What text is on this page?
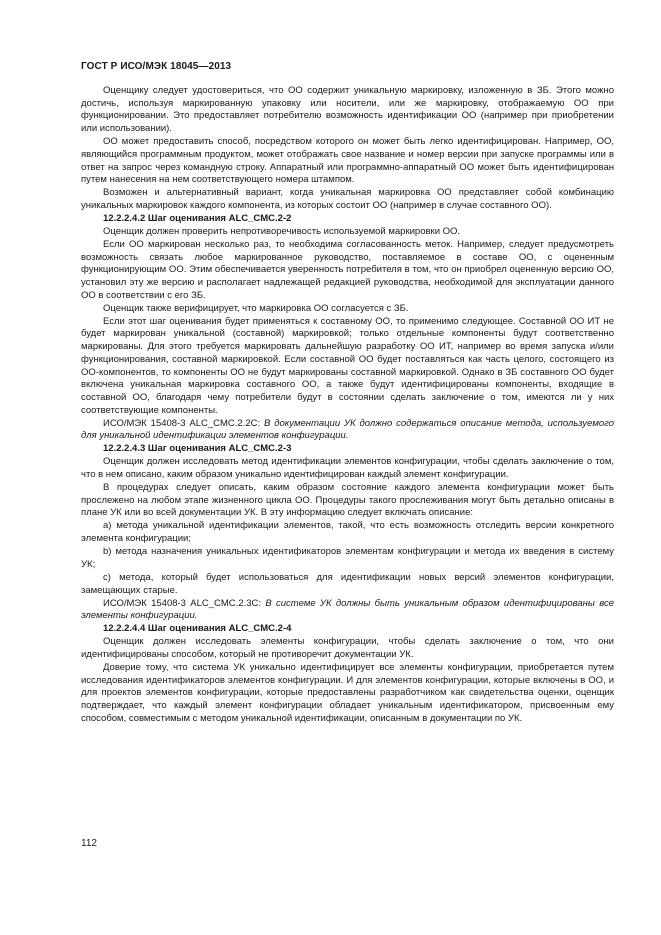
ГОСТ Р ИСО/МЭК 18045—2013

Оценщику следует удостовериться, что ОО содержит уникальную маркировку, изложенную в ЗБ. Этого можно достичь, используя маркированную упаковку или носители, или же маркировку, отображаемую ОО при функционировании. Это предоставляет потребителю возможность идентификации ОО (например при приобретении или использовании).

ОО может предоставить способ, посредством которого он может быть легко идентифицирован. Например, ОО, являющийся программным продуктом, может отображать свое название и номер версии при запуске программы или в ответ на запрос через командную строку. Аппаратный или программно-аппаратный ОО может быть идентифицирован путем нанесения на нем соответствующего номера штампом.

Возможен и альтернативный вариант, когда уникальная маркировка ОО представляет собой комбинацию уникальных маркировок каждого компонента, из которых состоит ОО (например в случае составного ОО).

12.2.2.4.2 Шаг оценивания ALC_CMC.2-2

Оценщик должен проверить непротиворечивость используемой маркировки ОО.

Если ОО маркирован несколько раз, то необходима согласованность меток. Например, следует предусмотреть возможность связать любое маркированное руководство, поставляемое в составе ОО, с оцененным функционирующим ОО. Этим обеспечивается уверенность потребителя в том, что он приобрел оцененную версию ОО, установил эту же версию и располагает надлежащей редакцией руководства, необходимой для эксплуатации данного ОО в соответствии с его ЗБ.

Оценщик также верифицирует, что маркировка ОО согласуется с ЗБ.

Если этот шаг оценивания будет применяться к составному ОО, то применимо следующее. Составной ОО ИТ не будет маркирован уникальной (составной) маркировкой; только отдельные компоненты будут соответственно маркированы. Для этого требуется маркировать дальнейшую разработку ОО ИТ, например во время запуска и/или функционирования, составной маркировкой. Если составной ОО будет поставляться как часть целого, состоящего из ОО-компонентов, то компоненты ОО не будут маркированы составной маркировкой. Однако в ЗБ составного ОО будет включена уникальная маркировка составного ОО, а также будут идентифицированы компоненты, входящие в составной ОО, благодаря чему потребители будут в состоянии сделать заключение о том, имеются ли у них соответствующие компоненты.

ИСО/МЭК 15408-3 ALC_CMC.2.2С: В документации УК должно содержаться описание метода, используемого для уникальной идентификации элементов конфигурации.

12.2.2.4.3 Шаг оценивания ALC_CMC.2-3

Оценщик должен исследовать метод идентификации элементов конфигурации, чтобы сделать заключение о том, что в нем описано, каким образом уникально идентифицирован каждый элемент конфигурации.

В процедурах следует описать, каким образом состояние каждого элемента конфигурации может быть прослежено на любом этапе жизненного цикла ОО. Процедуры такого прослеживания могут быть детально описаны в плане УК или во всей документации УК. В эту информацию следует включать описание:

a) метода уникальной идентификации элементов, такой, что есть возможность отследить версии конкретного элемента конфигурации;

b) метода назначения уникальных идентификаторов элементам конфигурации и метода их введения в систему УК;

c) метода, который будет использоваться для идентификации новых версий элементов конфигурации, замещающих старые.

ИСО/МЭК 15408-3 ALC_CMC.2.3С: В системе УК должны быть уникальным образом идентифицированы все элементы конфигурации.

12.2.2.4.4 Шаг оценивания ALC_CMC.2-4

Оценщик должен исследовать элементы конфигурации, чтобы сделать заключение о том, что они идентифицированы способом, который не противоречит документации УК.

Доверие тому, что система УК уникально идентифицирует все элементы конфигурации, приобретается путем исследования идентификаторов элементов конфигурации. И для элементов конфигурации, которые включены в ОО, и для проектов элементов конфигурации, которые предоставлены разработчиком как свидетельства оценки, оценщик подтверждает, что каждый элемент конфигурации обладает уникальным идентификатором, присвоенным ему способом, совместимым с методом уникальной идентификации, описанным в документации по УК.

112
